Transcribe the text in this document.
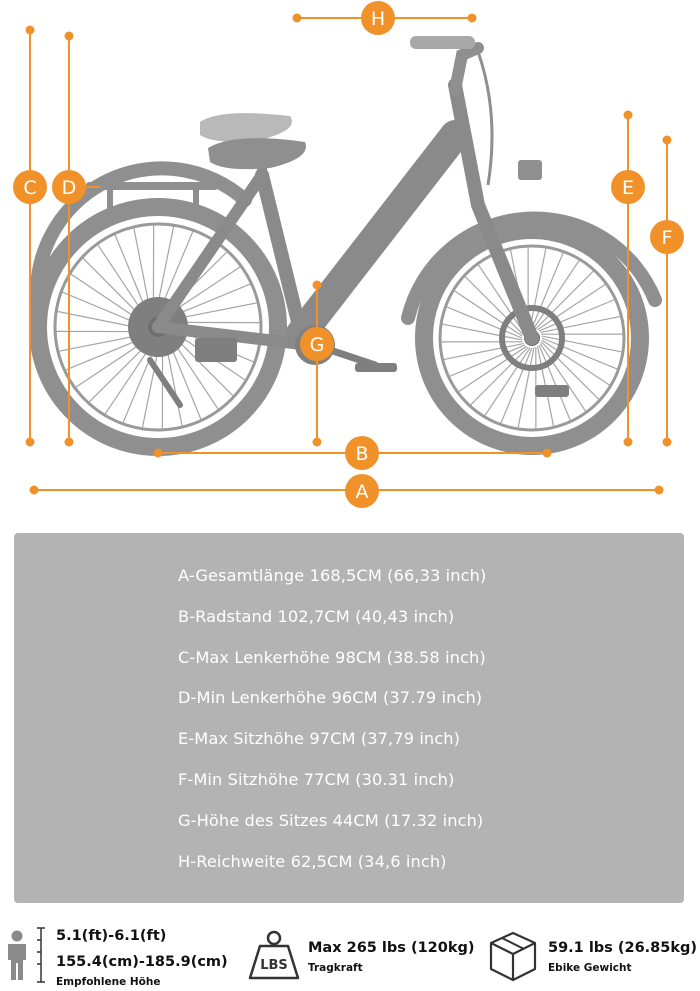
H
C D	E
F
G
B
A
A-Gesamtlänge 168,5CM (66,33 inch)
B-Radstand 102,7CM (40,43 inch)
C-Max Lenkerhöhe 98CM (38.58 inch)
D-Min Lenkerhöhe 96CM (37.79 inch)
E-Max Sitzhöhe 97CM (37,79 inch)
F-Min Sitzhöhe 77CM (30.31 inch)
G-Höhe des Sitzes 44CM (17.32 inch)
H-Reichweite 62,5CM (34,6 inch)
5.1(ft)-6.1(ft)
155.4(cm)-185.9(cm)
Empfohlene Höhe
LBS
Max 265 lbs (120kg)
Tragkraft
59.1 lbs (26.85kg)
Ebike Gewicht
